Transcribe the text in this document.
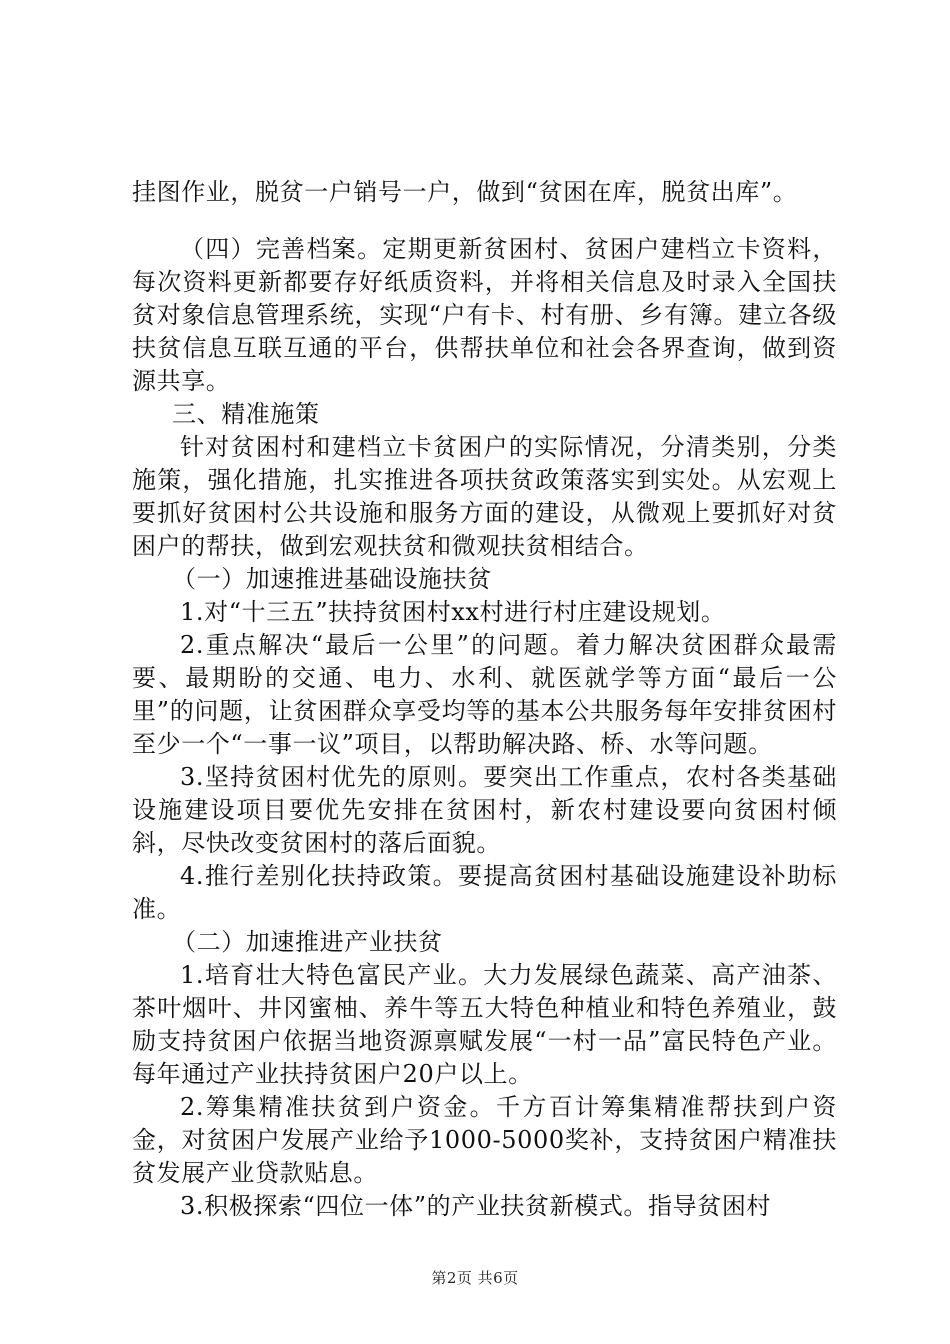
挂图作业，脱贫一户销号一户，做到“贫困在库，脱贫出库”。

（四）完善档案。定期更新贫困村、贫困户建档立卡资料，每次资料更新都要存好纸质资料，并将相关信息及时录入全国扶贫对象信息管理系统，实现“户有卡、村有册、乡有簿。建立各级扶贫信息互联互通的平台，供帮扶单位和社会各界查询，做到资源共享。

三、精准施策

针对贫困村和建档立卡贫困户的实际情况，分清类别，分类施策，强化措施，扎实推进各项扶贫政策落实到实处。从宏观上要抓好贫困村公共设施和服务方面的建设，从微观上要抓好对贫困户的帮扶，做到宏观扶贫和微观扶贫相结合。

（一）加速推进基础设施扶贫

1.对“十三五”扶持贫困村xx村进行村庄建设规划。

2.重点解决“最后一公里”的问题。着力解决贫困群众最需要、最期盼的交通、电力、水利、就医就学等方面“最后一公里”的问题，让贫困群众享受均等的基本公共服务每年安排贫困村至少一个“一事一议”项目，以帮助解决路、桥、水等问题。

3.坚持贫困村优先的原则。要突出工作重点，农村各类基础设施建设项目要优先安排在贫困村，新农村建设要向贫困村倾斜，尽快改变贫困村的落后面貌。

4.推行差别化扶持政策。要提高贫困村基础设施建设补助标准。

（二）加速推进产业扶贫

1.培育壮大特色富民产业。大力发展绿色蔬菜、高产油茶、茶叶烟叶、井冈蜜柚、养牛等五大特色种植业和特色养殖业，鼓励支持贫困户依据当地资源禀赋发展“一村一品”富民特色产业。每年通过产业扶持贫困户20户以上。

2.筹集精准扶贫到户资金。千方百计筹集精准帮扶到户资金，对贫困户发展产业给予1000-5000奖补，支持贫困户精准扶贫发展产业贷款贴息。

3.积极探索“四位一体”的产业扶贫新模式。指导贫困村

第2页 共6页
